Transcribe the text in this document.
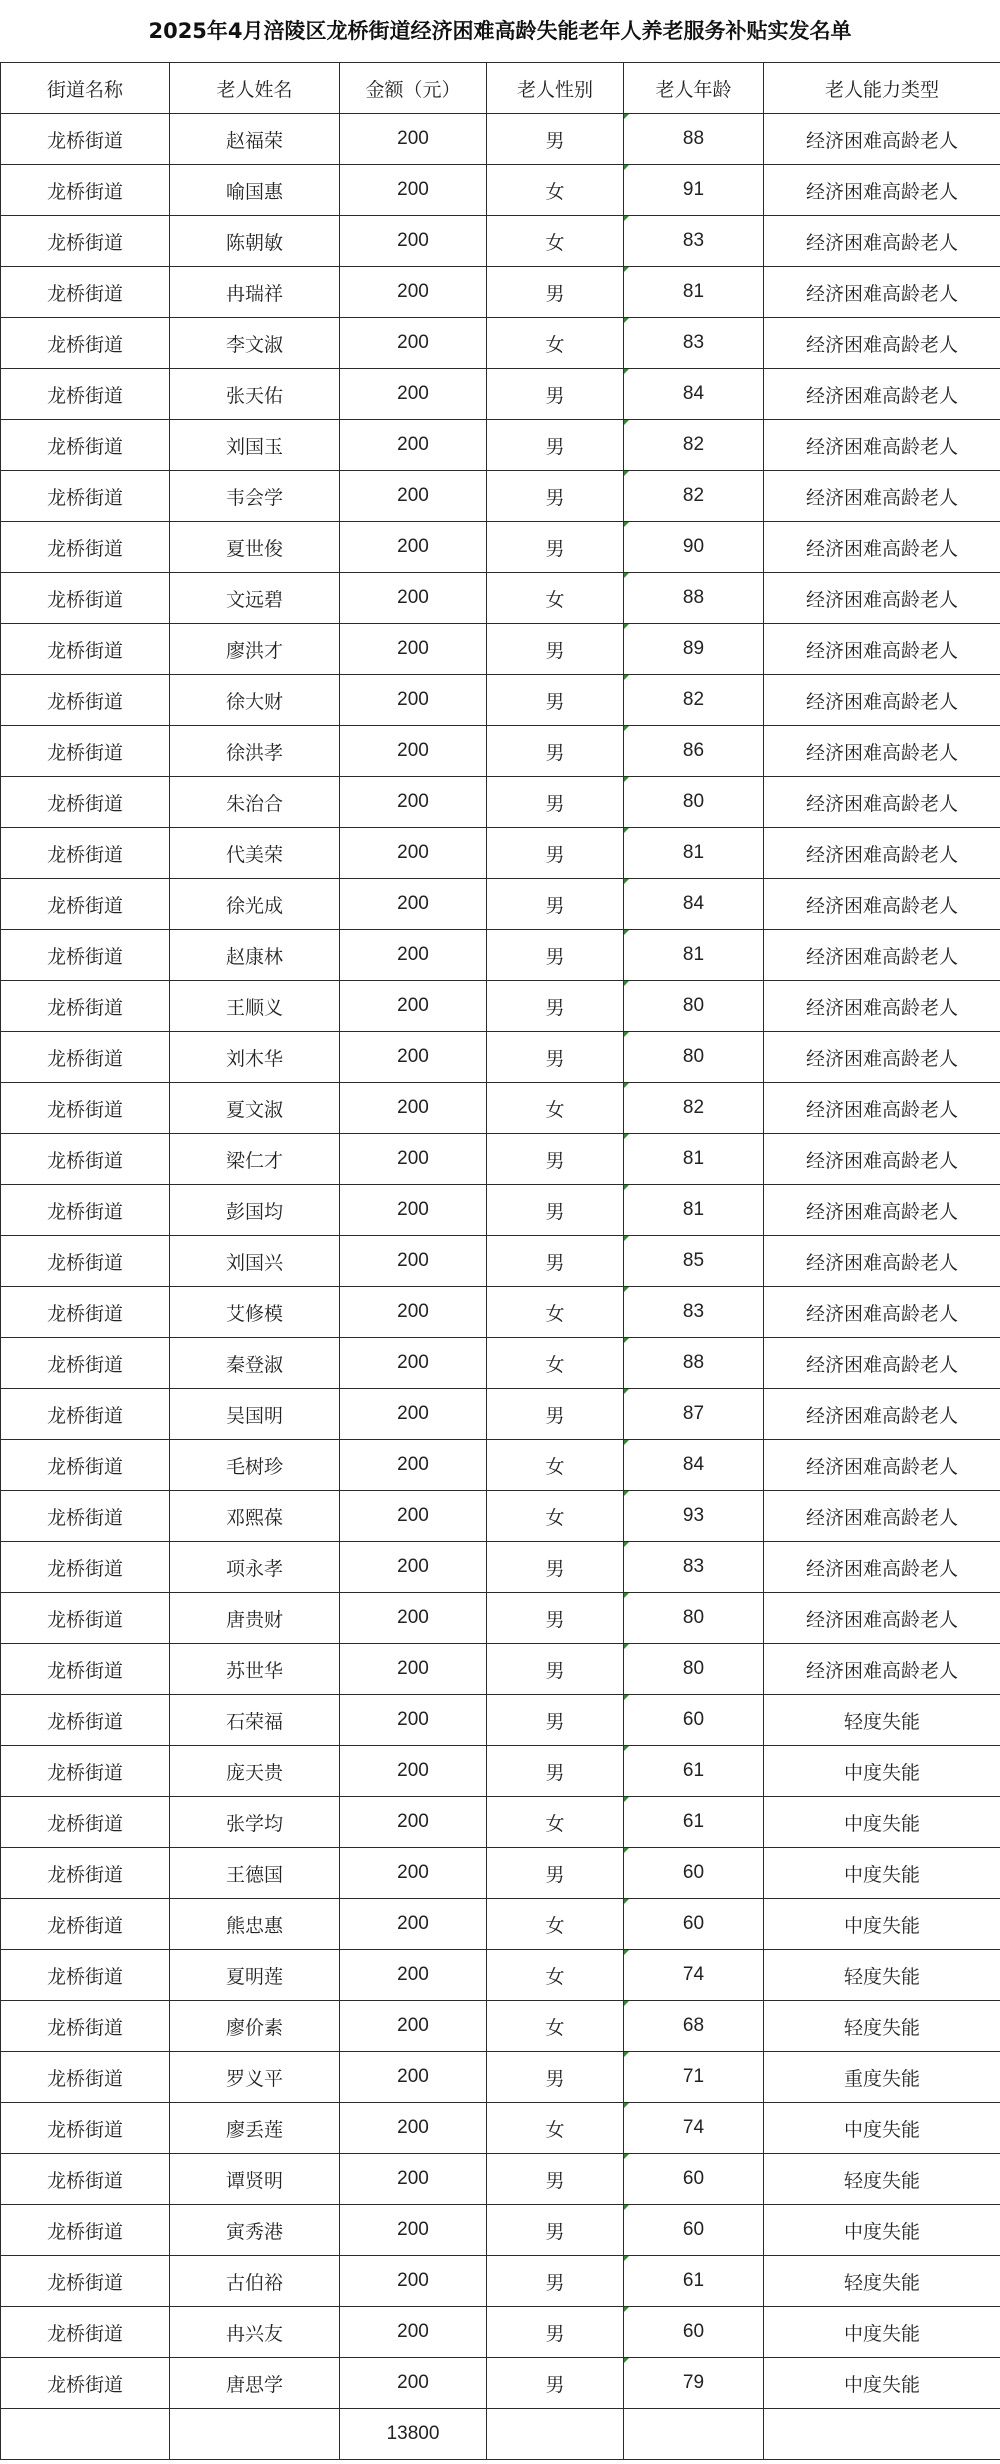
2025年4月涪陵区龙桥街道经济困难高龄失能老年人养老服务补贴实发名单
街道名称	老人姓名	金额（元）	老人性别	老人年龄	老人能力类型
龙桥街道	赵福荣	200	男	88	经济困难高龄老人
龙桥街道	喻国惠	200	女	91	经济困难高龄老人
龙桥街道	陈朝敏	200	女	83	经济困难高龄老人
龙桥街道	冉瑞祥	200	男	81	经济困难高龄老人
龙桥街道	李文淑	200	女	83	经济困难高龄老人
龙桥街道	张天佑	200	男	84	经济困难高龄老人
龙桥街道	刘国玉	200	男	82	经济困难高龄老人
龙桥街道	韦会学	200	男	82	经济困难高龄老人
龙桥街道	夏世俊	200	男	90	经济困难高龄老人
龙桥街道	文远碧	200	女	88	经济困难高龄老人
龙桥街道	廖洪才	200	男	89	经济困难高龄老人
龙桥街道	徐大财	200	男	82	经济困难高龄老人
龙桥街道	徐洪孝	200	男	86	经济困难高龄老人
龙桥街道	朱治合	200	男	80	经济困难高龄老人
龙桥街道	代美荣	200	男	81	经济困难高龄老人
龙桥街道	徐光成	200	男	84	经济困难高龄老人
龙桥街道	赵康林	200	男	81	经济困难高龄老人
龙桥街道	王顺义	200	男	80	经济困难高龄老人
龙桥街道	刘木华	200	男	80	经济困难高龄老人
龙桥街道	夏文淑	200	女	82	经济困难高龄老人
龙桥街道	梁仁才	200	男	81	经济困难高龄老人
龙桥街道	彭国均	200	男	81	经济困难高龄老人
龙桥街道	刘国兴	200	男	85	经济困难高龄老人
龙桥街道	艾修模	200	女	83	经济困难高龄老人
龙桥街道	秦登淑	200	女	88	经济困难高龄老人
龙桥街道	吴国明	200	男	87	经济困难高龄老人
龙桥街道	毛树珍	200	女	84	经济困难高龄老人
龙桥街道	邓熙葆	200	女	93	经济困难高龄老人
龙桥街道	项永孝	200	男	83	经济困难高龄老人
龙桥街道	唐贵财	200	男	80	经济困难高龄老人
龙桥街道	苏世华	200	男	80	经济困难高龄老人
龙桥街道	石荣福	200	男	60	轻度失能
龙桥街道	庞天贵	200	男	61	中度失能
龙桥街道	张学均	200	女	61	中度失能
龙桥街道	王德国	200	男	60	中度失能
龙桥街道	熊忠惠	200	女	60	中度失能
龙桥街道	夏明莲	200	女	74	轻度失能
龙桥街道	廖价素	200	女	68	轻度失能
龙桥街道	罗义平	200	男	71	重度失能
龙桥街道	廖丢莲	200	女	74	中度失能
龙桥街道	谭贤明	200	男	60	轻度失能
龙桥街道	寅秀港	200	男	60	中度失能
龙桥街道	古伯裕	200	男	61	轻度失能
龙桥街道	冉兴友	200	男	60	中度失能
龙桥街道	唐思学	200	男	79	中度失能
		13800			
